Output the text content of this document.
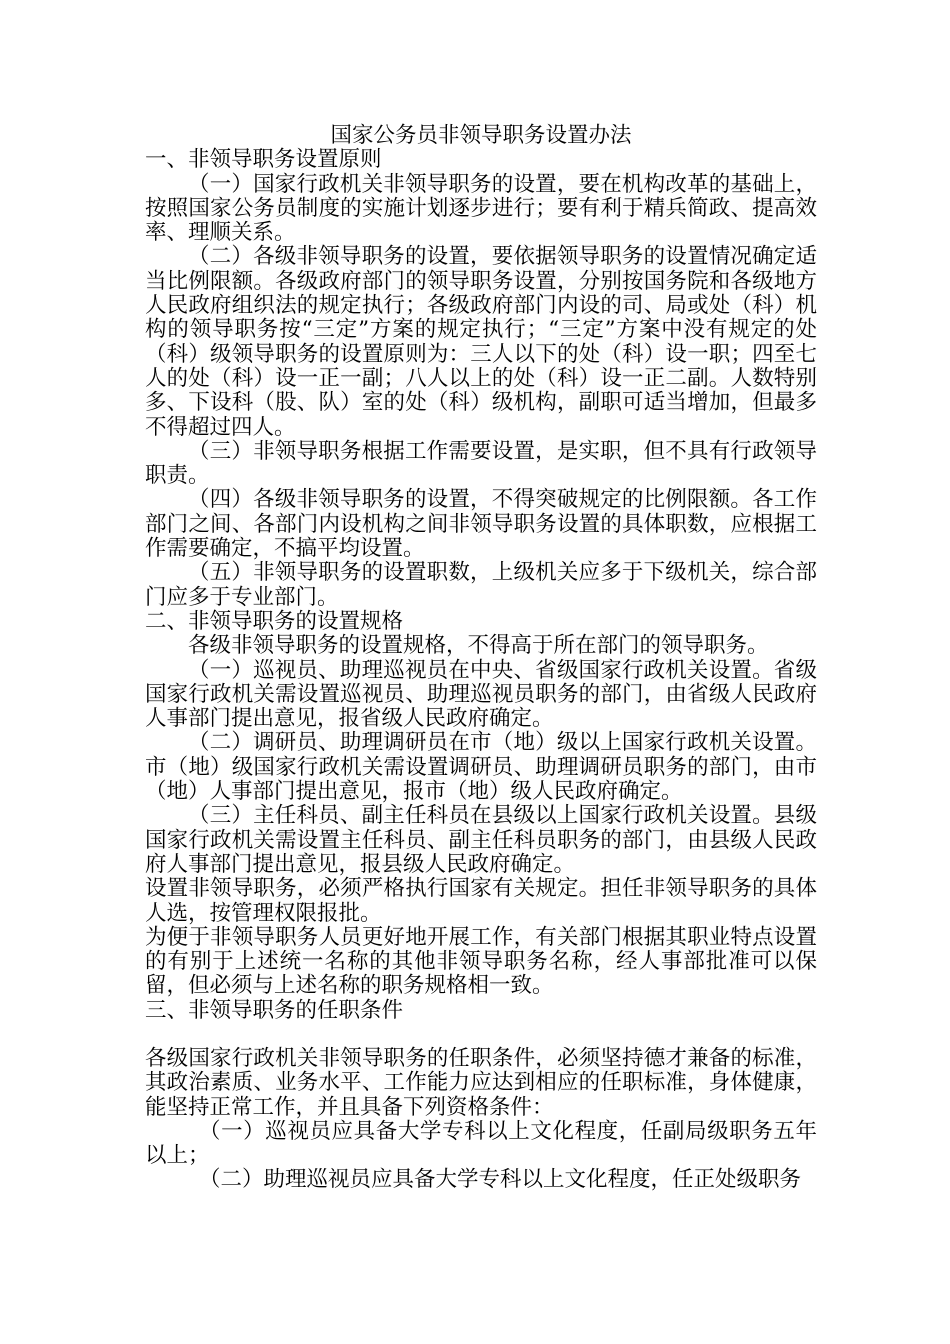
国家公务员非领导职务设置办法

一、非领导职务设置原则

（一）国家行政机关非领导职务的设置，要在机构改革的基础上，按照国家公务员制度的实施计划逐步进行；要有利于精兵简政、提高效率、理顺关系。

（二）各级非领导职务的设置，要依据领导职务的设置情况确定适当比例限额。各级政府部门的领导职务设置，分别按国务院和各级地方人民政府组织法的规定执行；各级政府部门内设的司、局或处（科）机构的领导职务按“三定”方案的规定执行；“三定”方案中没有规定的处（科）级领导职务的设置原则为：三人以下的处（科）设一职；四至七人的处（科）设一正一副；八人以上的处（科）设一正二副。人数特别多、下设科（股、队）室的处（科）级机构，副职可适当增加，但最多不得超过四人。

（三）非领导职务根据工作需要设置，是实职，但不具有行政领导职责。

（四）各级非领导职务的设置，不得突破规定的比例限额。各工作部门之间、各部门内设机构之间非领导职务设置的具体职数，应根据工作需要确定，不搞平均设置。

（五）非领导职务的设置职数，上级机关应多于下级机关，综合部门应多于专业部门。

二、非领导职务的设置规格

各级非领导职务的设置规格，不得高于所在部门的领导职务。

（一）巡视员、助理巡视员在中央、省级国家行政机关设置。省级国家行政机关需设置巡视员、助理巡视员职务的部门，由省级人民政府人事部门提出意见，报省级人民政府确定。

（二）调研员、助理调研员在市（地）级以上国家行政机关设置。市（地）级国家行政机关需设置调研员、助理调研员职务的部门，由市（地）人事部门提出意见，报市（地）级人民政府确定。

（三）主任科员、副主任科员在县级以上国家行政机关设置。县级国家行政机关需设置主任科员、副主任科员职务的部门，由县级人民政府人事部门提出意见，报县级人民政府确定。

设置非领导职务，必须严格执行国家有关规定。担任非领导职务的具体人选，按管理权限报批。

为便于非领导职务人员更好地开展工作，有关部门根据其职业特点设置的有别于上述统一名称的其他非领导职务名称，经人事部批准可以保留，但必须与上述名称的职务规格相一致。

三、非领导职务的任职条件

各级国家行政机关非领导职务的任职条件，必须坚持德才兼备的标准，其政治素质、业务水平、工作能力应达到相应的任职标准，身体健康，能坚持正常工作，并且具备下列资格条件：

（一）巡视员应具备大学专科以上文化程度，任副局级职务五年以上；

（二）助理巡视员应具备大学专科以上文化程度，任正处级职务
